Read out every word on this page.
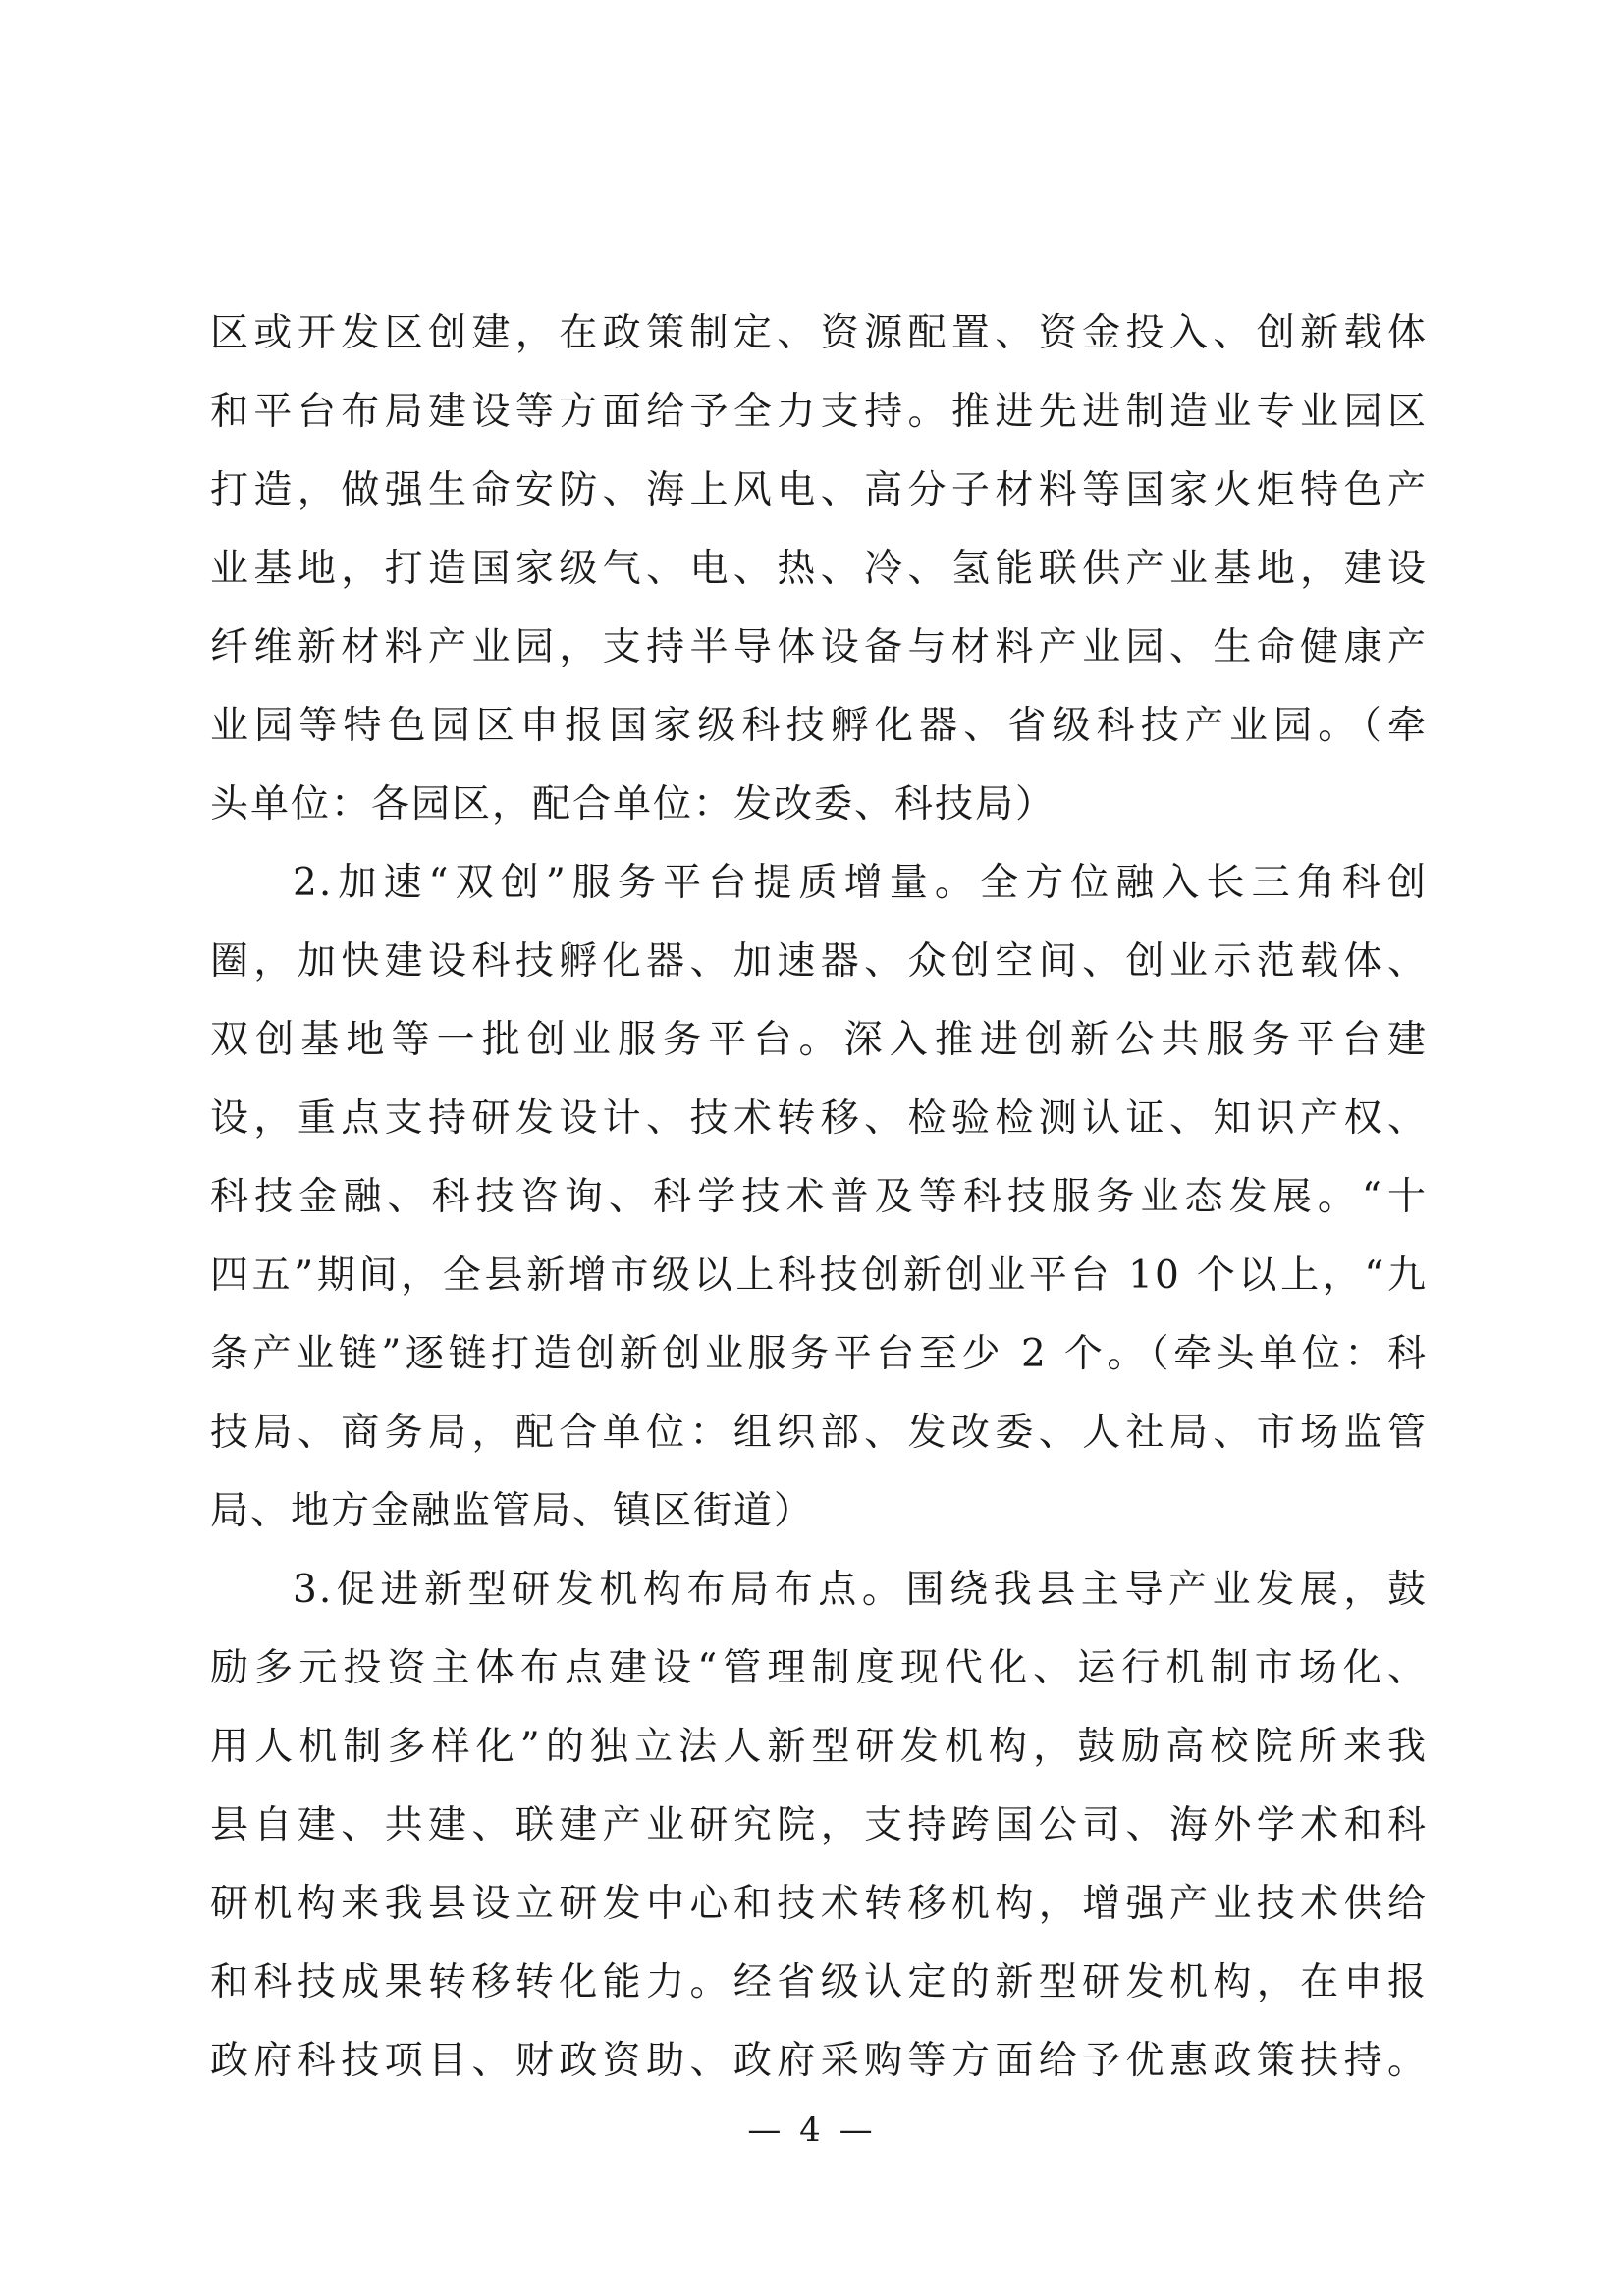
区或开发区创建，在政策制定、资源配置、资金投入、创新载体
和平台布局建设等方面给予全力支持。推进先进制造业专业园区
打造，做强生命安防、海上风电、高分子材料等国家火炬特色产
业基地，打造国家级气、电、热、冷、氢能联供产业基地，建设
纤维新材料产业园，支持半导体设备与材料产业园、生命健康产
业园等特色园区申报国家级科技孵化器、省级科技产业园。（牵
头单位：各园区，配合单位：发改委、科技局）
2.加速“双创”服务平台提质增量。全方位融入长三角科创
圈，加快建设科技孵化器、加速器、众创空间、创业示范载体、
双创基地等一批创业服务平台。深入推进创新公共服务平台建
设，重点支持研发设计、技术转移、检验检测认证、知识产权、
科技金融、科技咨询、科学技术普及等科技服务业态发展。“十
四五”期间，全县新增市级以上科技创新创业平台 10 个以上，“九
条产业链”逐链打造创新创业服务平台至少 2 个。（牵头单位：科
技局、商务局，配合单位：组织部、发改委、人社局、市场监管
局、地方金融监管局、镇区街道）
3.促进新型研发机构布局布点。围绕我县主导产业发展，鼓
励多元投资主体布点建设“管理制度现代化、运行机制市场化、
用人机制多样化”的独立法人新型研发机构，鼓励高校院所来我
县自建、共建、联建产业研究院，支持跨国公司、海外学术和科
研机构来我县设立研发中心和技术转移机构，增强产业技术供给
和科技成果转移转化能力。经省级认定的新型研发机构，在申报
政府科技项目、财政资助、政府采购等方面给予优惠政策扶持。
— 4 —
